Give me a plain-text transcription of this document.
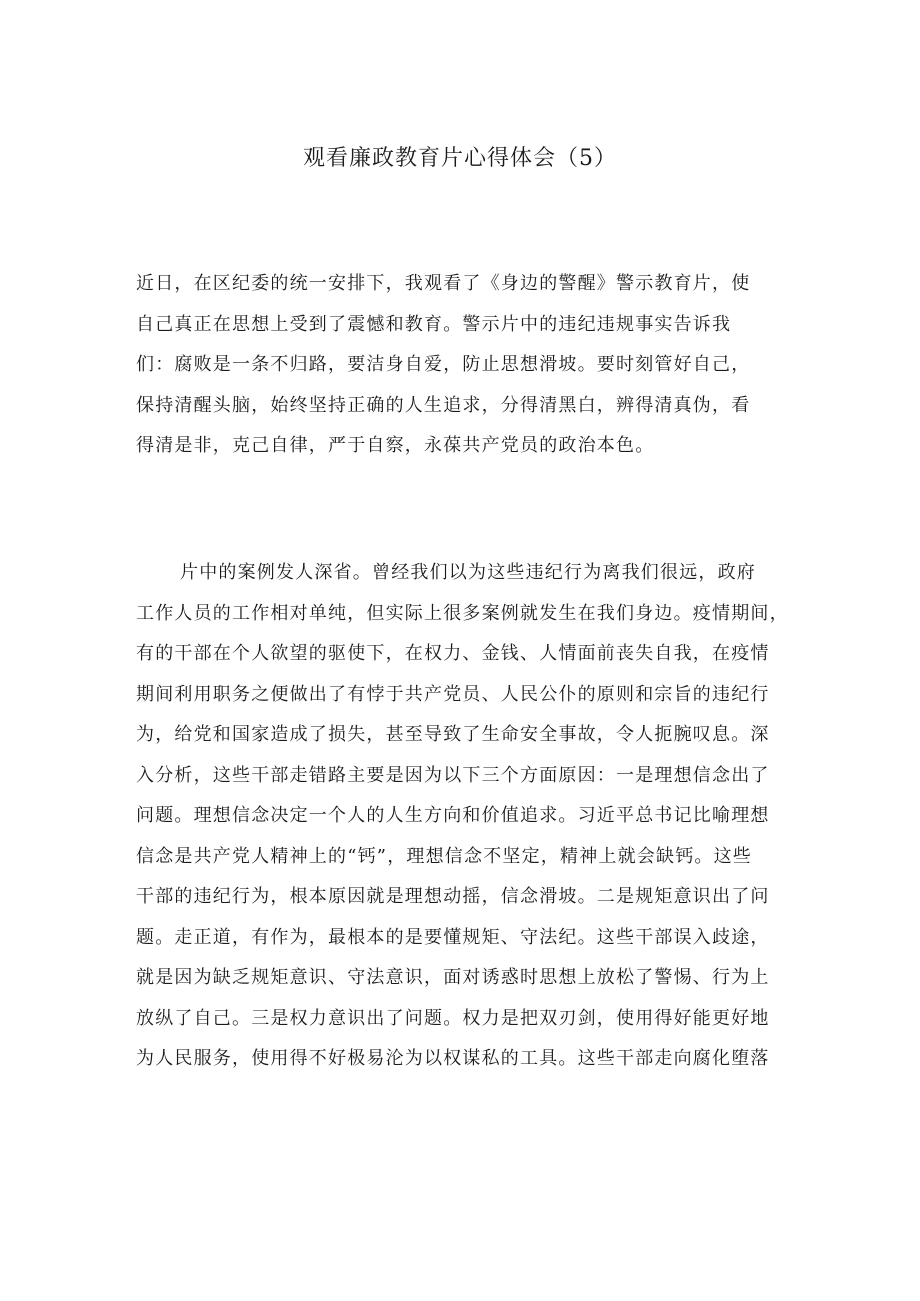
观看廉政教育片心得体会（5）
近日，在区纪委的统一安排下，我观看了《身边的警醒》警示教育片，使
自己真正在思想上受到了震憾和教育。警示片中的违纪违规事实告诉我
们：腐败是一条不归路，要洁身自爱，防止思想滑坡。要时刻管好自己，
保持清醒头脑，始终坚持正确的人生追求，分得清黑白，辨得清真伪，看
得清是非，克己自律，严于自察，永葆共产党员的政治本色。
片中的案例发人深省。曾经我们以为这些违纪行为离我们很远，政府
工作人员的工作相对单纯，但实际上很多案例就发生在我们身边。疫情期间，
有的干部在个人欲望的驱使下，在权力、金钱、人情面前丧失自我，在疫情
期间利用职务之便做出了有悖于共产党员、人民公仆的原则和宗旨的违纪行
为，给党和国家造成了损失，甚至导致了生命安全事故，令人扼腕叹息。深
入分析，这些干部走错路主要是因为以下三个方面原因：一是理想信念出了
问题。理想信念决定一个人的人生方向和价值追求。习近平总书记比喻理想
信念是共产党人精神上的“钙”，理想信念不坚定，精神上就会缺钙。这些
干部的违纪行为，根本原因就是理想动摇，信念滑坡。二是规矩意识出了问
题。走正道，有作为，最根本的是要懂规矩、守法纪。这些干部误入歧途，
就是因为缺乏规矩意识、守法意识，面对诱惑时思想上放松了警惕、行为上
放纵了自己。三是权力意识出了问题。权力是把双刃剑，使用得好能更好地
为人民服务，使用得不好极易沦为以权谋私的工具。这些干部走向腐化堕落
